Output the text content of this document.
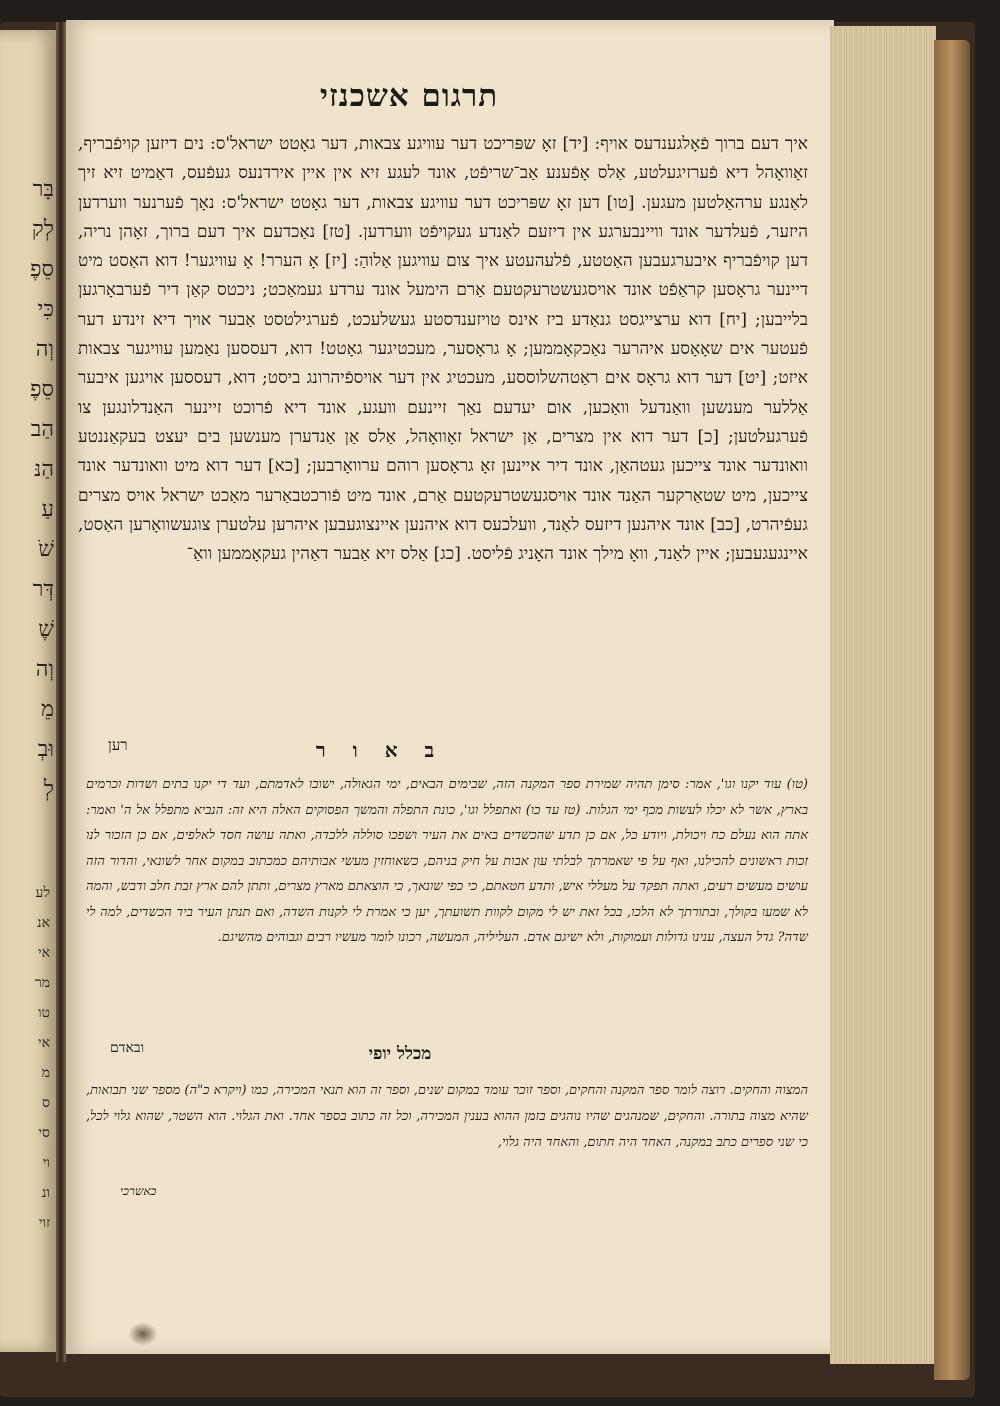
בָּר
לְק
סֵפֶ
כִּי
וְה
סֵפֶ
הַב
הַנּ
עַ
שֹׁ
דְּר
שֶׁ
וְה
מֵ
וּבְ
לְ
לע
אנ
אי
מר
טו
אי
מ
ס
סי
וי
ונ
זוי
תרגום אשכנזי
איך דעם ברוך פֿאָלגענדעס אויף: [יד] זאָ שפּריכט דער עוויגע צבאות, דער גאָטט ישראל'ס: נים דיזען קויפֿבריף, זאָוואָהל דיא פֿערזיגעלטע, אַלס אָפֿענע אַב־שריפֿט, אונד לעגע זיא אין איין אירדנעס געפֿעס, דאַמיט זיא זיך לאַנגע ערהאַלטען מעגען. [טו] דען זאָ שפּריכט דער עוויגע צבאות, דער גאָטט ישראל'ס: נאָך פֿערנער ווערדען היזער, פֿעלדער אונד וויינבערגע אין דיזעם לאַנדע געקויפֿט ווערדען. [טז] נאַכדעם איך דעם ברוך, זאָהן נריה, דען קויפֿבריף איבערגעבען האַטטע, פֿלעהעטע איך צום עוויגען אַלוהַ: [יז] אָ הערר! אָ עוויגער! דוא האַסט מיט דיינער גראָסען קראַפֿט אונד אויסגעשטרעקטעם אַרם הימעל אונד ערדע געמאַכט; ניכטס קאַן דיר פֿערבאָרגען בלייבען; [יח] דוא ערצייגסט גנאַדע ביז אינס טויזענדסטע געשלעכט, פֿערגילטסט אַבער אויך דיא זינדע דער פֿעטער אים שאָאָסע איהרער נאַכקאָממען; אָ גראָסער, מעכטיגער גאָטט! דוא, דעססען נאַמען עוויגער צבאות איזט; [יט] דער דוא גראָס אים ראַטהשלוססע, מעכטיג אין דער אויספֿיהרונג ביסט; דוא, דעססען אויגען איבער אַללער מענשען וואַנדעל וואַכען, אום יעדעם נאַך זיינעם וועגע, אונד דיא פֿרוכט זיינער האַנדלונגען צו פֿערגעלטען; [כ] דער דוא אין מצרים, אַן ישראל זאָוואָהל, אַלס אַן אַנדערן מענשען בים יעצט בעקאַננטע וואונדער אונד צייכען געטהאַן, אונד דיר איינען זאָ גראָסען רוהם ערוואָרבען; [כא] דער דוא מיט וואונדער אונד צייכען, מיט שטאַרקער האַנד אונד אויסגעשטרעקטעם אַרם, אונד מיט פֿורכטבאַרער מאַכט ישראל אויס מצרים געפֿיהרט, [כב] אונד איהנען דיזעס לאַנד, וועלכעס דוא איהנען איינצוגעבען איהרען עלטערן צוגעשוואָרען האַסט, איינגעגעבען; איין לאַנד, וואָ מילך אונד האָניג פֿליסט. [כג] אַלס זיא אַבער דאַהין געקאָממען וואַ־
רען	ב א ו ר
(טו) עוד יקנו וגו', אמר: סימן תהיה שמירת ספר המקנה הזה, שבימים הבאים, ימי הגאולה, ישובו לאדמתם, ועד די יקנו בתים ושדות וכרמים בארץ, אשר לא יכלו לעשות מכף ימי הגלות. (טז עד כו) ואתפלל וגו', כונת התפלה והמשך הפסוקים האלה היא זה: הנביא מתפלל אל ה' ואמר: אתה הוא נעלם כח ויכולת, ויודע כל, אם כן תדע שהכשדים באים את העיר ושפכו סוללה ללכדה, ואתה עושה חסד לאלפים, אם כן הזכור לנו זכות ראשונים להכילנו, ואף על פי שאמרתך לבלתי עון אבות על חיק בניהם, כשאוחזין מעשי אבותיהם כמכתוב במקום אחר לשונאי, והדור הזה עושים מעשים רעים, ואתה תפקד על מעללי איש, ותדע חטאתם, כי כפי שונאך, כי הוצאתם מארץ מצרים, ותתן להם ארץ זבת חלב ודבש, והמה לא שמעו בקולך, ובתורתך לא הלכו, בכל זאת יש לי מקום לקוות תשועתך, יען כי אמרת לי לקנות השדה, ואם תנתן העיר ביד הכשדים, למה לי שדה? גדל העצה, ענינו גדולות ועמוקות, ולא ישיגם אדם. העליליה, המעשה, רכונו לומר מעשיו רבים וגבוהים מהשיגם.
ובאדם	מכלל יופי
המצוה והחקים. רוצה לומר ספר המקנה והחקים, וספר זוכר עומד במקום שנים, וספר זה הוא תנאי המכירה, כמו (ויקרא כ"ה) מספר שני תבואות, שהיא מצוה בתורה. והחקים, שמנהגים שהיו נוהגים בזמן ההוא בענין המכירה, וכל זה כתוב בספר אחד. ואת הגלוי. הוא השטר, שהוא גלוי לכל, כי שני ספרים כתב במקנה, האחד היה חתום, והאחד היה גלוי,
כאשרכי
